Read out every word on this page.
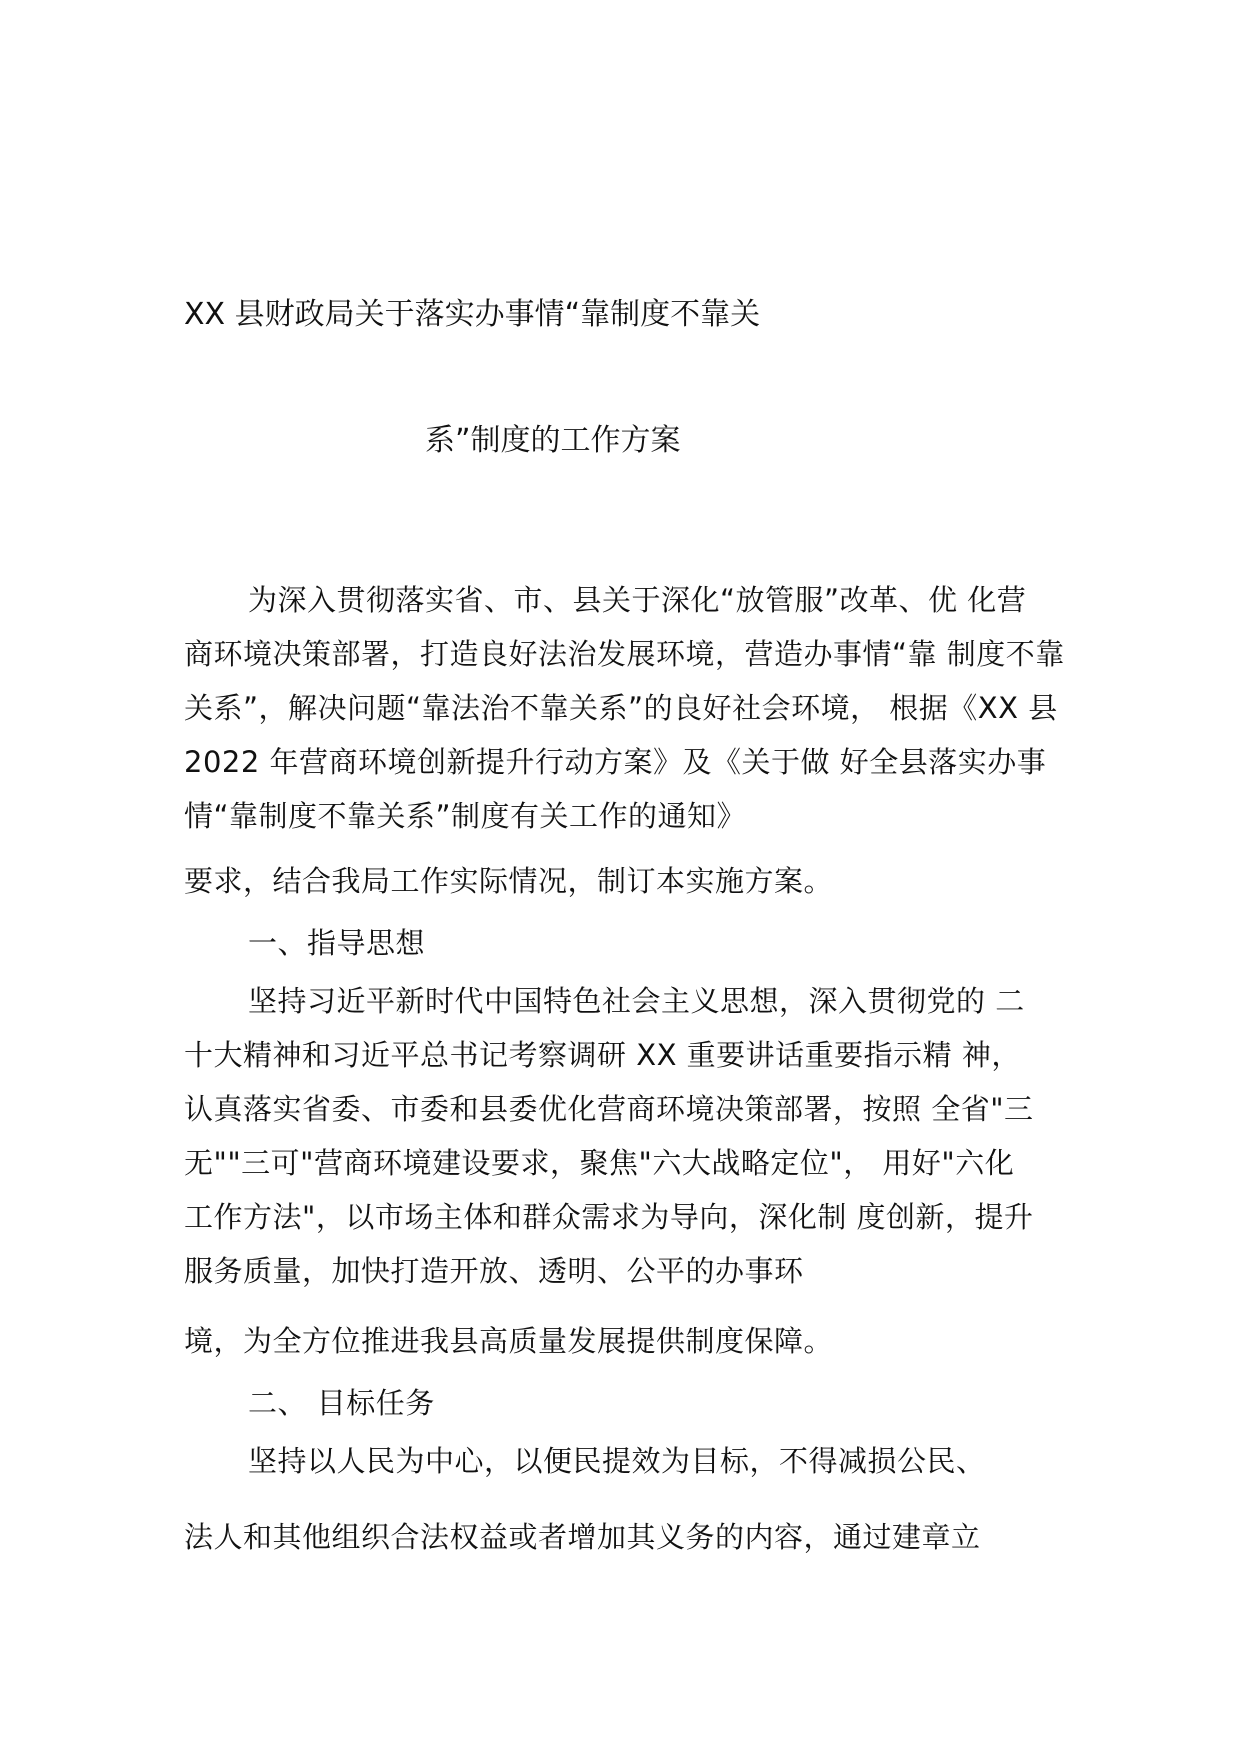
XX 县财政局关于落实办事情“靠制度不靠关
系”制度的工作方案
为深入贯彻落实省、市、县关于深化“放管服”改革、优 化营
商环境决策部署，打造良好法治发展环境，营造办事情“靠 制度不靠
关系”，解决问题“靠法治不靠关系”的良好社会环境， 根据《XX 县
2022 年营商环境创新提升行动方案》及《关于做 好全县落实办事
情“靠制度不靠关系”制度有关工作的通知》
要求，结合我局工作实际情况，制订本实施方案。
一、指导思想
坚持习近平新时代中国特色社会主义思想，深入贯彻党的 二
十大精神和习近平总书记考察调研 XX 重要讲话重要指示精 神，
认真落实省委、市委和县委优化营商环境决策部署，按照 全省"三
无""三可"营商环境建设要求，聚焦"六大战略定位"， 用好"六化
工作方法"，以市场主体和群众需求为导向，深化制 度创新，提升
服务质量，加快打造开放、透明、公平的办事环
境，为全方位推进我县高质量发展提供制度保障。
二、 目标任务
坚持以人民为中心，以便民提效为目标，不得减损公民、
法人和其他组织合法权益或者增加其义务的内容，通过建章立
